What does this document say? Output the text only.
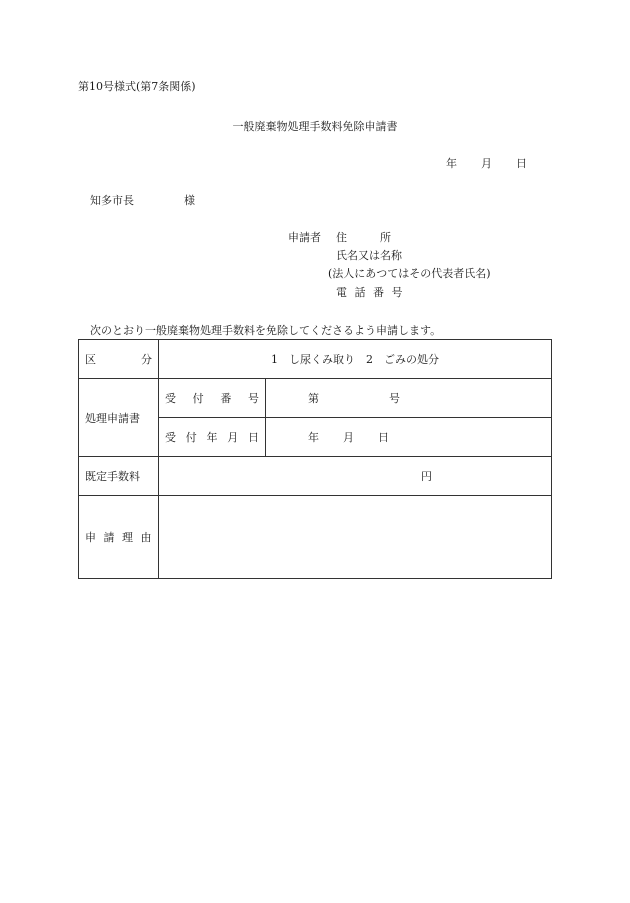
第10号様式(第7条関係)
一般廃棄物処理手数料免除申請書
年 月 日
知多市長	様
申請者 住　　　所
氏名又は名称
(法人にあつてはその代表者氏名)
電 話 番 号
次のとおり一般廃棄物処理手数料を免除してくださるよう申請します。
区 分	1　し尿くみ取り　2　ごみの処分	
処理申請書	受 付 番 号	第 号

	受 付 年 月 日	年 月 日

既定手数料	円	

申 請 理 由		
